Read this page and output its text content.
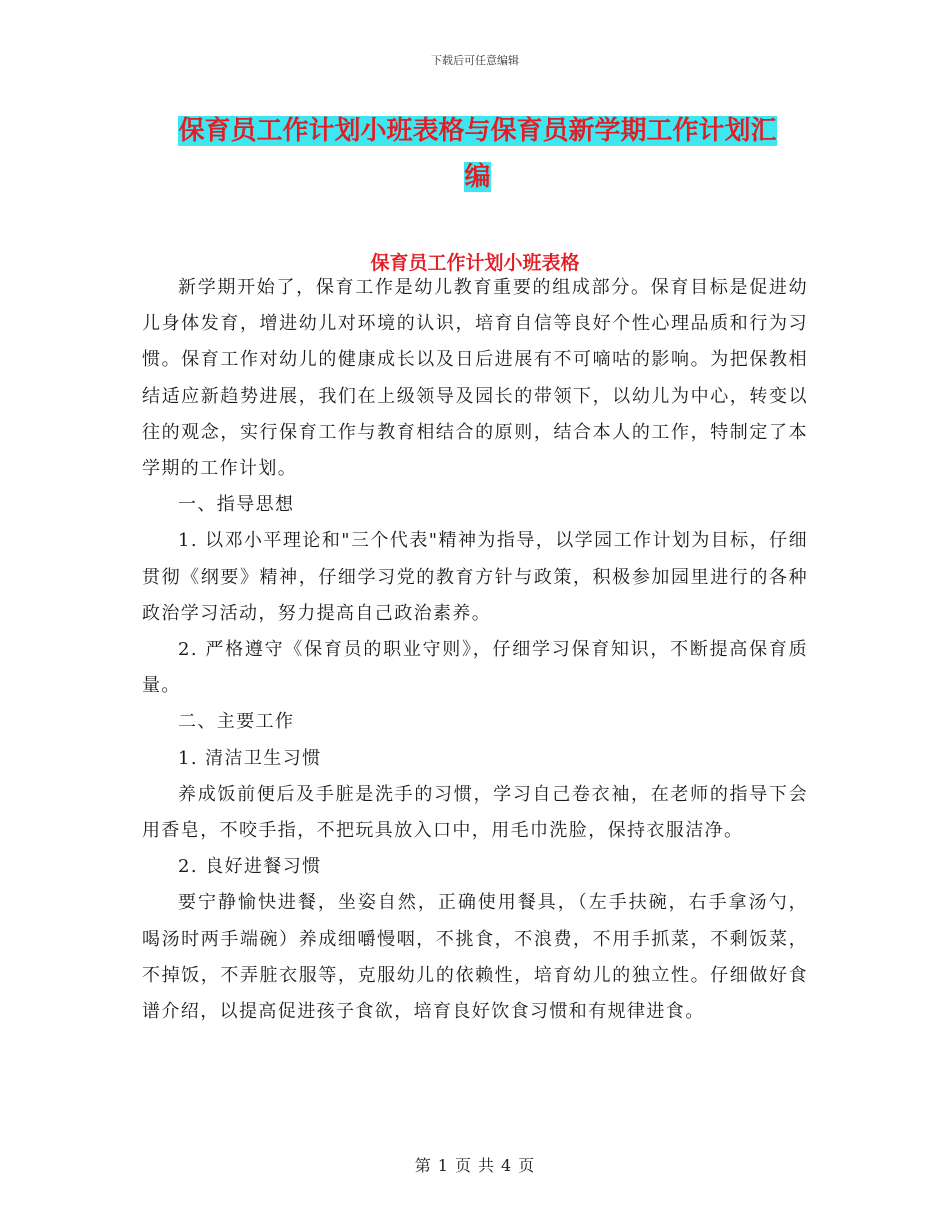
下载后可任意编辑
保育员工作计划小班表格与保育员新学期工作计划汇
编
保育员工作计划小班表格

新学期开始了，保育工作是幼儿教育重要的组成部分。保育目标是促进幼儿身体发育，增进幼儿对环境的认识，培育自信等良好个性心理品质和行为习惯。保育工作对幼儿的健康成长以及日后进展有不可嘀咕的影响。为把保教相结适应新趋势进展，我们在上级领导及园长的带领下，以幼儿为中心，转变以往的观念，实行保育工作与教育相结合的原则，结合本人的工作，特制定了本学期的工作计划。

一、指导思想

1. 以邓小平理论和"三个代表"精神为指导，以学园工作计划为目标，仔细贯彻《纲要》精神，仔细学习党的教育方针与政策，积极参加园里进行的各种政治学习活动，努力提高自己政治素养。

2. 严格遵守《保育员的职业守则》，仔细学习保育知识，不断提高保育质量。

二、主要工作

1. 清洁卫生习惯

养成饭前便后及手脏是洗手的习惯，学习自己卷衣袖，在老师的指导下会用香皂，不咬手指，不把玩具放入口中，用毛巾洗脸，保持衣服洁净。

2. 良好进餐习惯

要宁静愉快进餐，坐姿自然，正确使用餐具，（左手扶碗，右手拿汤勺，喝汤时两手端碗）养成细嚼慢咽，不挑食，不浪费，不用手抓菜，不剩饭菜，不掉饭，不弄脏衣服等，克服幼儿的依赖性，培育幼儿的独立性。仔细做好食谱介绍，以提高促进孩子食欲，培育良好饮食习惯和有规律进食。

第 1 页 共 4 页
